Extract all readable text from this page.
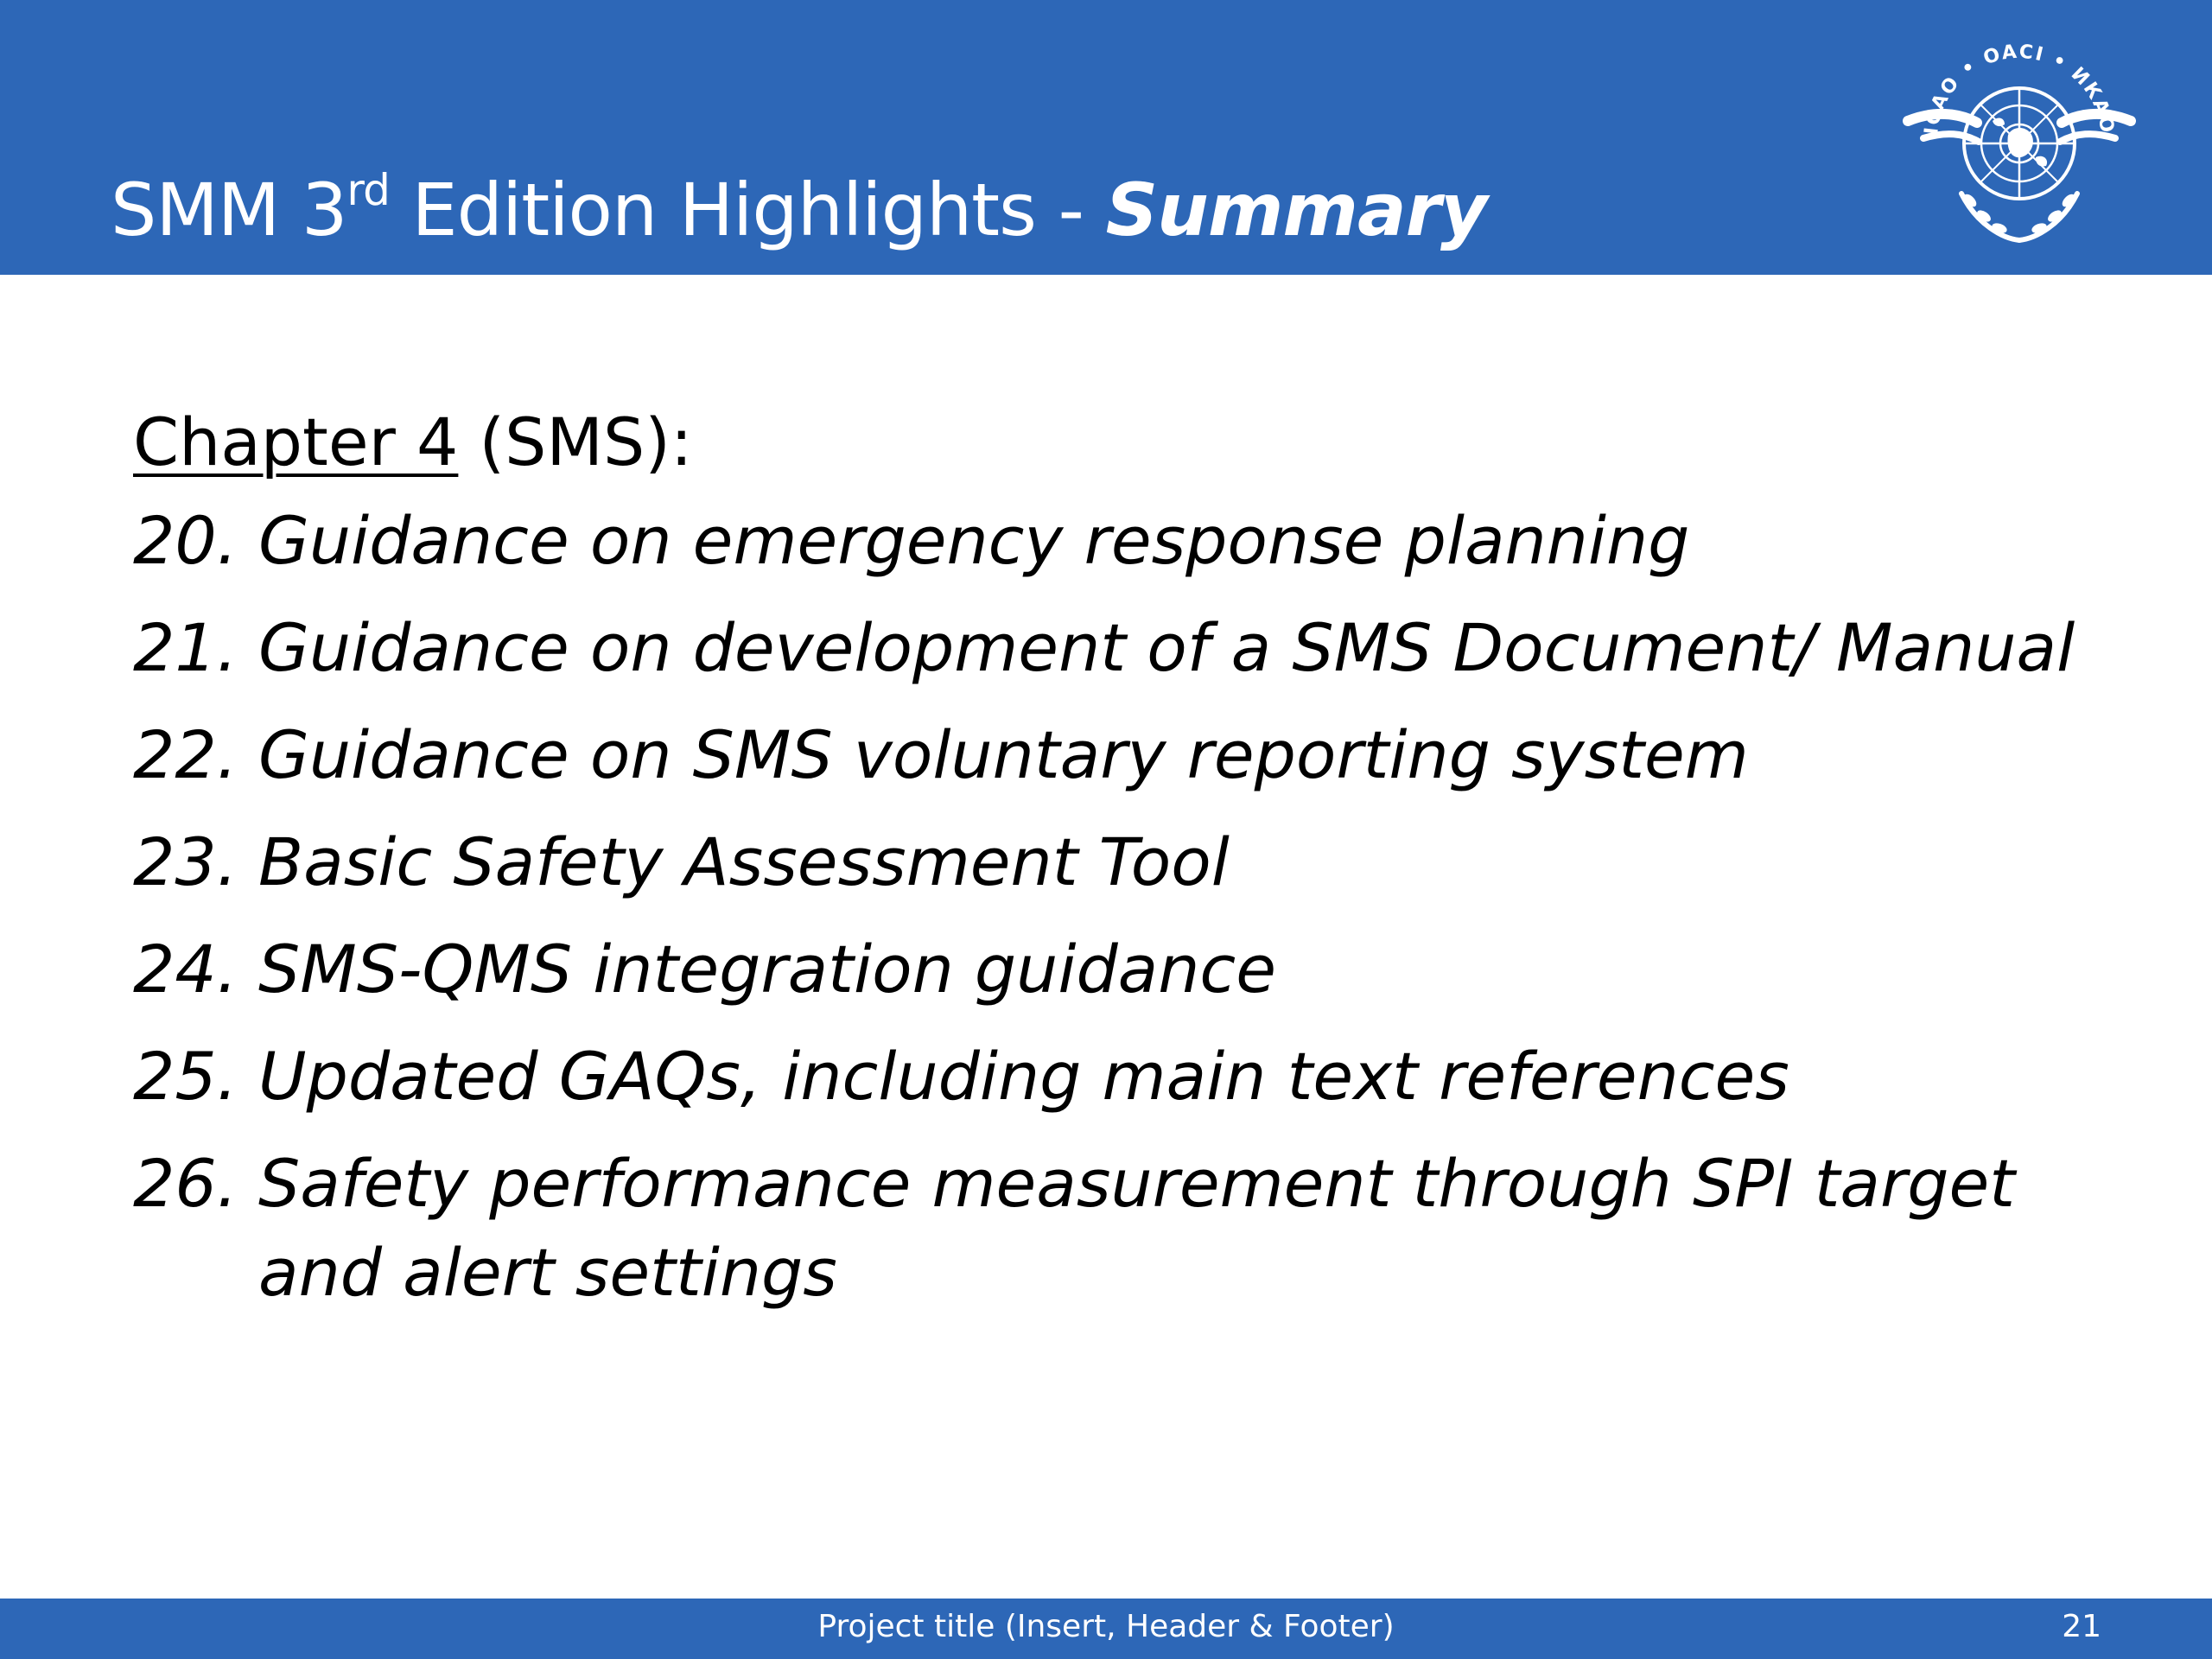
SMM 3rd Edition Highlights - Summary
ICAO • OACI • ИКАО
Chapter 4 (SMS):
20. Guidance on emergency response planning
21. Guidance on development of a SMS Document/ Manual
22. Guidance on SMS voluntary reporting system
23. Basic Safety Assessment Tool
24. SMS-QMS integration guidance
25. Updated GAQs, including main text references
26. Safety performance measurement through SPI target and alert settings
Project title (Insert, Header & Footer)	21
